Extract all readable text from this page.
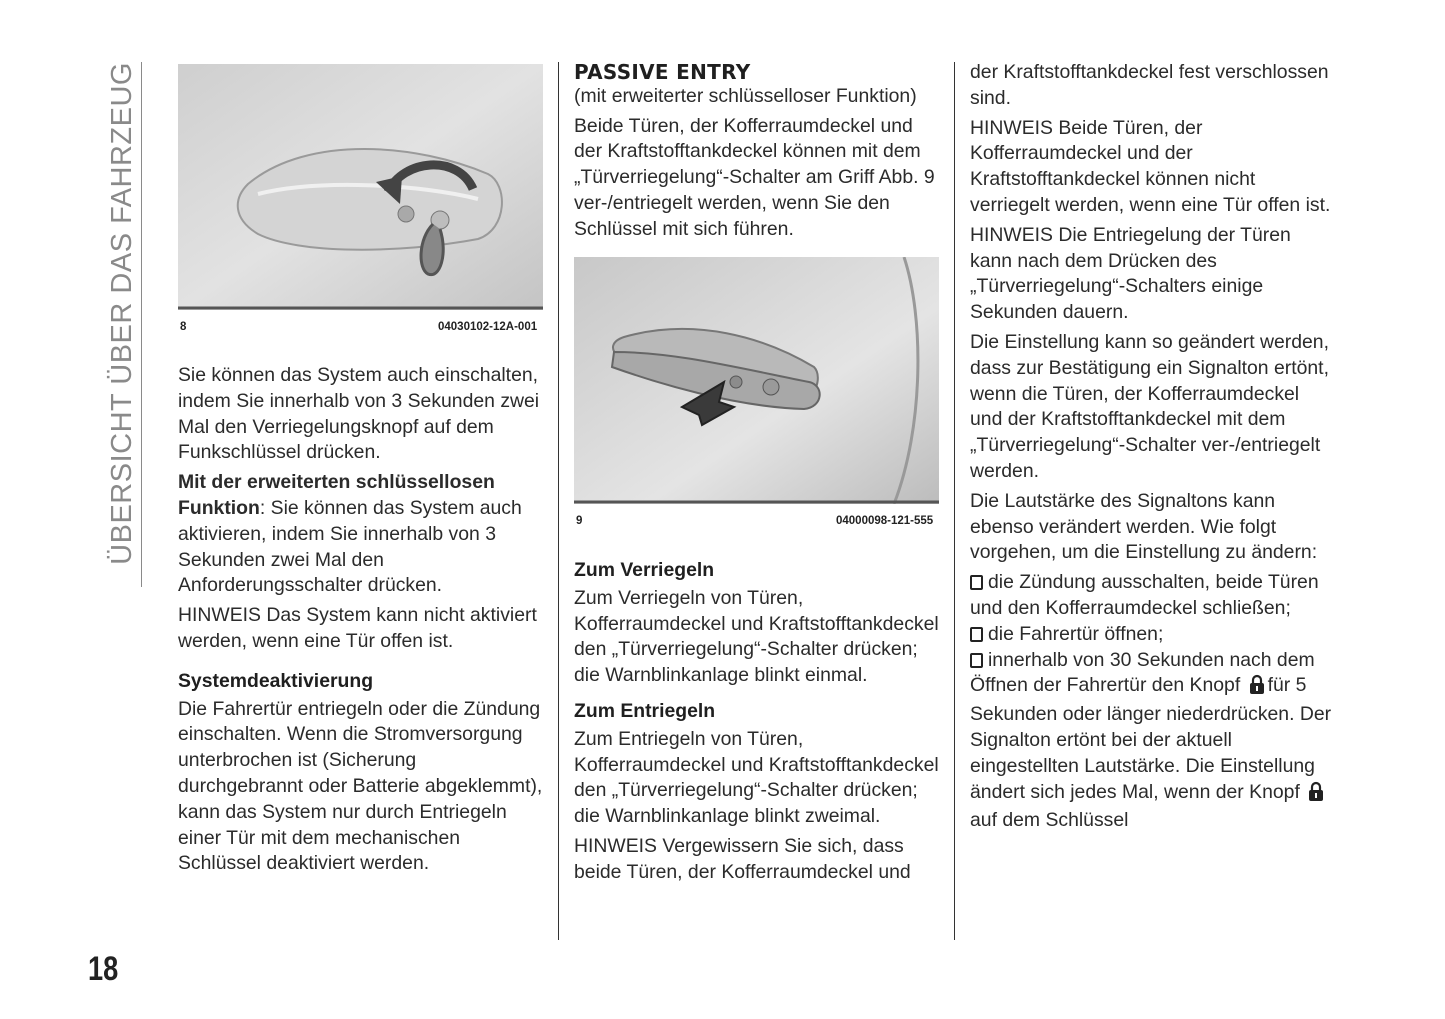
ÜBERSICHT ÜBER DAS FAHRZEUG
18
8	04030102-12A-001

Sie können das System auch einschalten, indem Sie innerhalb von 3 Sekunden zwei Mal den Verriegelungsknopf auf dem Funkschlüssel drücken.

Mit der erweiterten schlüssellosen Funktion: Sie können das System auch aktivieren, indem Sie innerhalb von 3 Sekunden zwei Mal den Anforderungsschalter drücken.

HINWEIS Das System kann nicht aktiviert werden, wenn eine Tür offen ist.

Systemdeaktivierung

Die Fahrertür entriegeln oder die Zündung einschalten. Wenn die Stromversorgung unterbrochen ist (Sicherung durchgebrannt oder Batterie abgeklemmt), kann das System nur durch Entriegeln einer Tür mit dem mechanischen Schlüssel deaktiviert werden.

PASSIVE ENTRY

(mit erweiterter schlüsselloser Funktion)

Beide Türen, der Kofferraumdeckel und der Kraftstofftankdeckel können mit dem „Türverriegelung“-Schalter am Griff Abb. 9 ver-/entriegelt werden, wenn Sie den Schlüssel mit sich führen.

9	04000098-121-555

Zum Verriegeln

Zum Verriegeln von Türen, Kofferraumdeckel und Kraftstofftankdeckel den „Türverriegelung“-Schalter drücken; die Warnblinkanlage blinkt einmal.

Zum Entriegeln

Zum Entriegeln von Türen, Kofferraumdeckel und Kraftstofftankdeckel den „Türverriegelung“-Schalter drücken; die Warnblinkanlage blinkt zweimal.

HINWEIS Vergewissern Sie sich, dass beide Türen, der Kofferraumdeckel und

der Kraftstofftankdeckel fest verschlossen sind.

HINWEIS Beide Türen, der Kofferraumdeckel und der Kraftstofftankdeckel können nicht verriegelt werden, wenn eine Tür offen ist.

HINWEIS Die Entriegelung der Türen kann nach dem Drücken des „Türverriegelung“-Schalters einige Sekunden dauern.

Die Einstellung kann so geändert werden, dass zur Bestätigung ein Signalton ertönt, wenn die Türen, der Kofferraumdeckel und der Kraftstofftankdeckel mit dem „Türverriegelung“-Schalter ver-/entriegelt werden.

Die Lautstärke des Signaltons kann ebenso verändert werden. Wie folgt vorgehen, um die Einstellung zu ändern:

die Zündung ausschalten, beide Türen und den Kofferraumdeckel schließen;
die Fahrertür öffnen;
innerhalb von 30 Sekunden nach dem Öffnen der Fahrertür den Knopf für 5 Sekunden oder länger niederdrücken. Der Signalton ertönt bei der aktuell eingestellten Lautstärke. Die Einstellung ändert sich jedes Mal, wenn der Knopf auf dem Schlüssel
